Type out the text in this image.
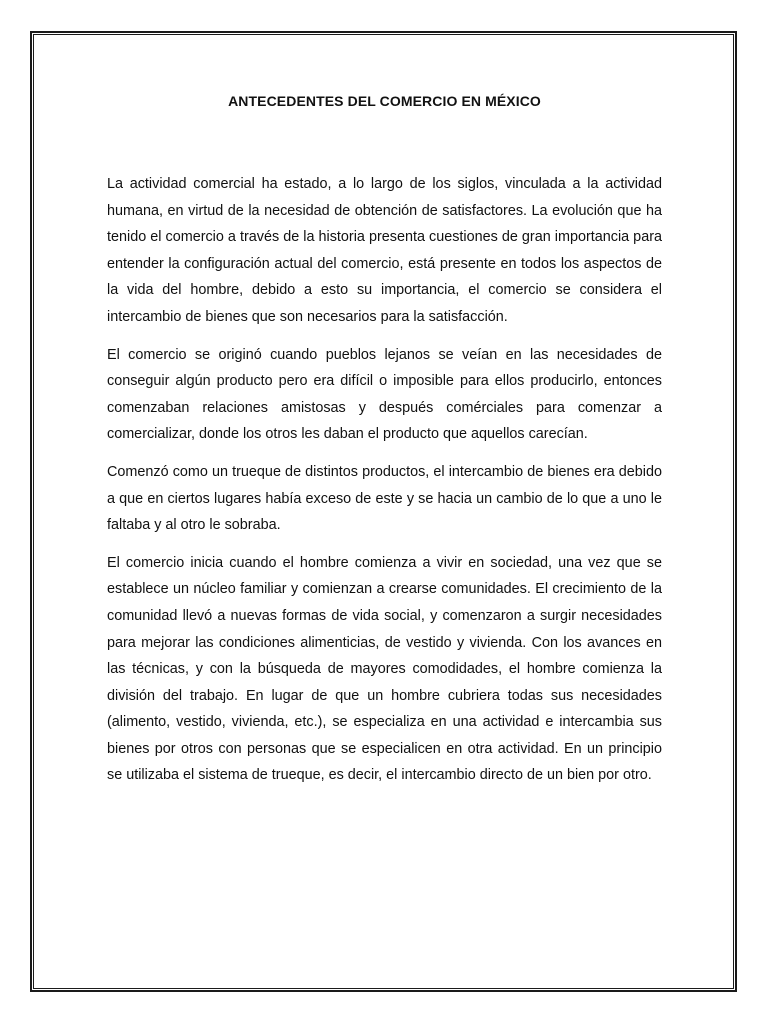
ANTECEDENTES DEL COMERCIO EN MÉXICO

La actividad comercial ha estado, a lo largo de los siglos, vinculada a la actividad humana, en virtud de la necesidad de obtención de satisfactores. La evolución que ha tenido el comercio a través de la historia presenta cuestiones de gran importancia para entender la configuración actual del comercio, está presente en todos los aspectos de la vida del hombre, debido a esto su importancia, el comercio se considera el intercambio de bienes que son necesarios para la satisfacción.

El comercio se originó cuando pueblos lejanos se veían en las necesidades de conseguir algún producto pero era difícil o imposible para ellos producirlo, entonces comenzaban relaciones amistosas y después comérciales para comenzar a comercializar, donde los otros les daban el producto que aquellos carecían.

Comenzó como un trueque de distintos productos, el intercambio de bienes era debido a que en ciertos lugares había exceso de este y se hacia un cambio de lo que a uno le faltaba y al otro le sobraba.

El comercio inicia cuando el hombre comienza a vivir en sociedad, una vez que se establece un núcleo familiar y comienzan a crearse comunidades. El crecimiento de la comunidad llevó a nuevas formas de vida social, y comenzaron a surgir necesidades para mejorar las condiciones alimenticias, de vestido y vivienda. Con los avances en las técnicas, y con la búsqueda de mayores comodidades, el hombre comienza la división del trabajo. En lugar de que un hombre cubriera todas sus necesidades (alimento, vestido, vivienda, etc.), se especializa en una actividad e intercambia sus bienes por otros con personas que se especialicen en otra actividad. En un principio se utilizaba el sistema de trueque, es decir, el intercambio directo de un bien por otro.
